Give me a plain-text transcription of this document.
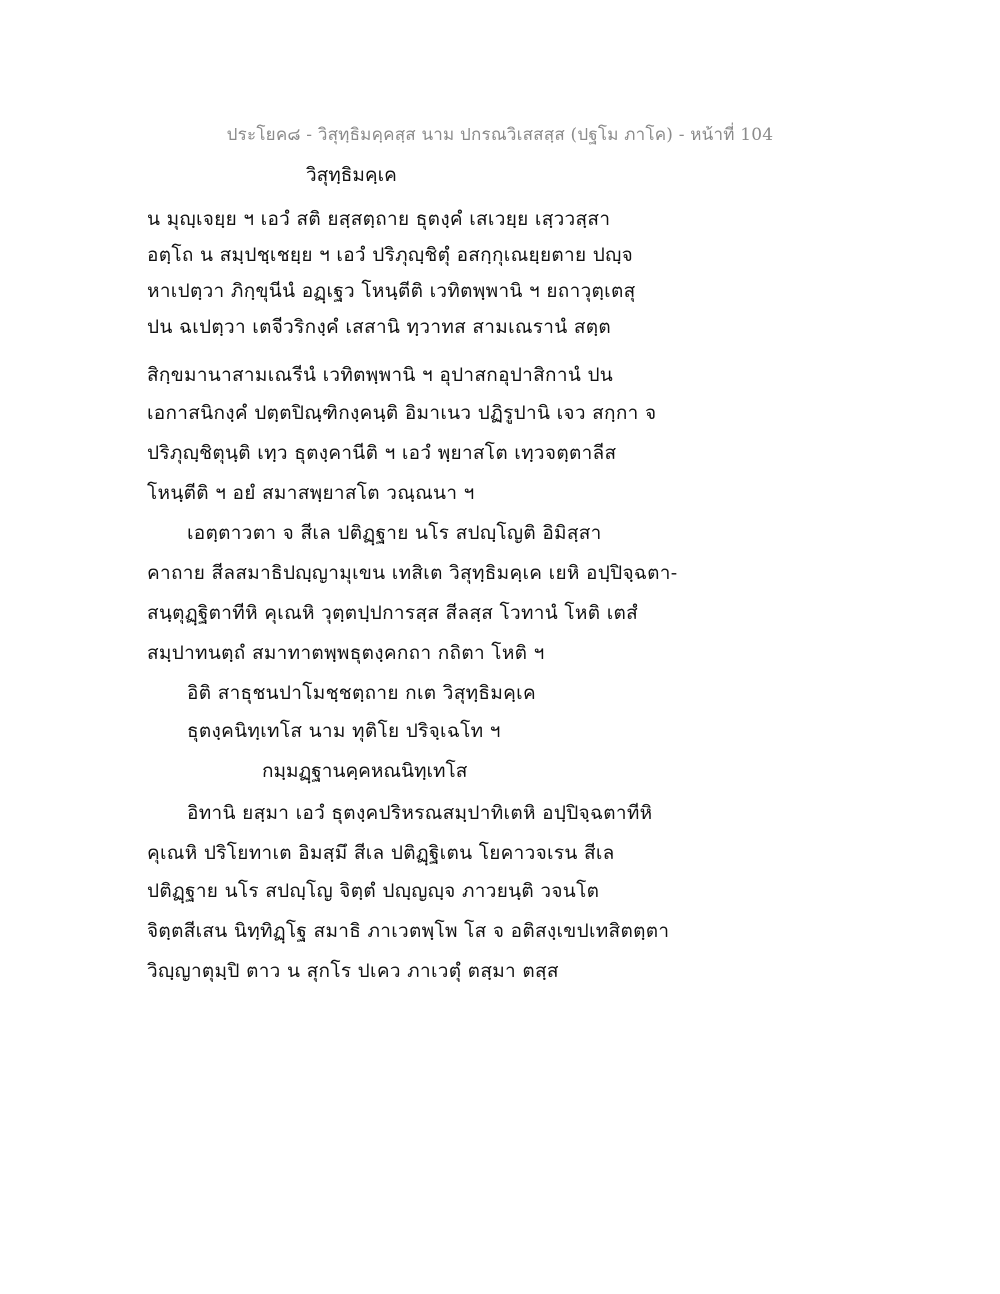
ประโยค๘ - วิสุทฺธิมคฺคสฺส นาม ปกรณวิเสสสฺส (ปฐโม ภาโค) - หน้าที่ 104
วิสุทฺธิมคฺเค
น มุญฺเจยฺย ฯ เอวํ สติ ยสฺสตฺถาย ธุตงฺคํ เสเวยฺย เสฺววสฺสา
อตฺโถ น สมฺปชฺเชยฺย ฯ เอวํ ปริภุญฺชิตุํ อสกฺกุเณยฺยตาย ปญฺจ
หาเปตฺวา ภิกฺขุนีนํ อฏฺเฐว โหนฺตีติ เวทิตพฺพานิ ฯ ยถาวุตฺเตสุ
ปน ฉเปตฺวา เตจีวริกงฺคํ เสสานิ ทฺวาทส สามเณรานํ สตฺต
สิกฺขมานาสามเณรีนํ เวทิตพฺพานิ ฯ อุปาสกอุปาสิกานํ ปน
เอกาสนิกงฺคํ ปตฺตปิณฺฑิกงฺคนฺติ อิมาเนว ปฏิรูปานิ เจว สกฺกา จ
ปริภุญฺชิตุนฺติ เทฺว ธุตงฺคานีติ ฯ เอวํ พฺยาสโต เทฺวจตฺตาลีส
โหนฺตีติ ฯ อยํ สมาสพฺยาสโต วณฺณนา ฯ
เอตฺตาวตา จ สีเล ปติฏฺฐาย นโร สปญฺโญติ อิมิสฺสา
คาถาย สีลสมาธิปญฺญามุเขน เทสิเต วิสุทฺธิมคฺเค เยหิ อปฺปิจฺฉตา-
สนฺตุฏฺฐิตาทีหิ คุเณหิ วุตฺตปฺปการสฺส สีลสฺส โวทานํ โหติ เตสํ
สมฺปาทนตฺถํ สมาทาตพฺพธุตงฺคกถา กถิตา โหติ ฯ
อิติ สาธุชนปาโมชฺชตฺถาย กเต วิสุทฺธิมคฺเค
ธุตงฺคนิทฺเทโส นาม ทุติโย ปริจฺเฉโท ฯ
กมฺมฏฺฐานคฺคหณนิทฺเทโส
อิทานิ ยสฺมา เอวํ ธุตงฺคปริหรณสมฺปาทิเตหิ อปฺปิจฺฉตาทีหิ
คุเณหิ ปริโยทาเต อิมสฺมึ สีเล ปติฏฺฐิเตน โยคาวจเรน สีเล
ปติฏฺฐาย นโร สปญฺโญ จิตฺตํ ปญฺญญฺจ ภาวยนฺติ วจนโต
จิตฺตสีเสน นิทฺทิฏฺโฐ สมาธิ ภาเวตพฺโพ โส จ อติสงฺเขปเทสิตตฺตา
วิญฺญาตุมฺปิ ตาว น สุกโร ปเคว ภาเวตุํ ตสฺมา ตสฺส
